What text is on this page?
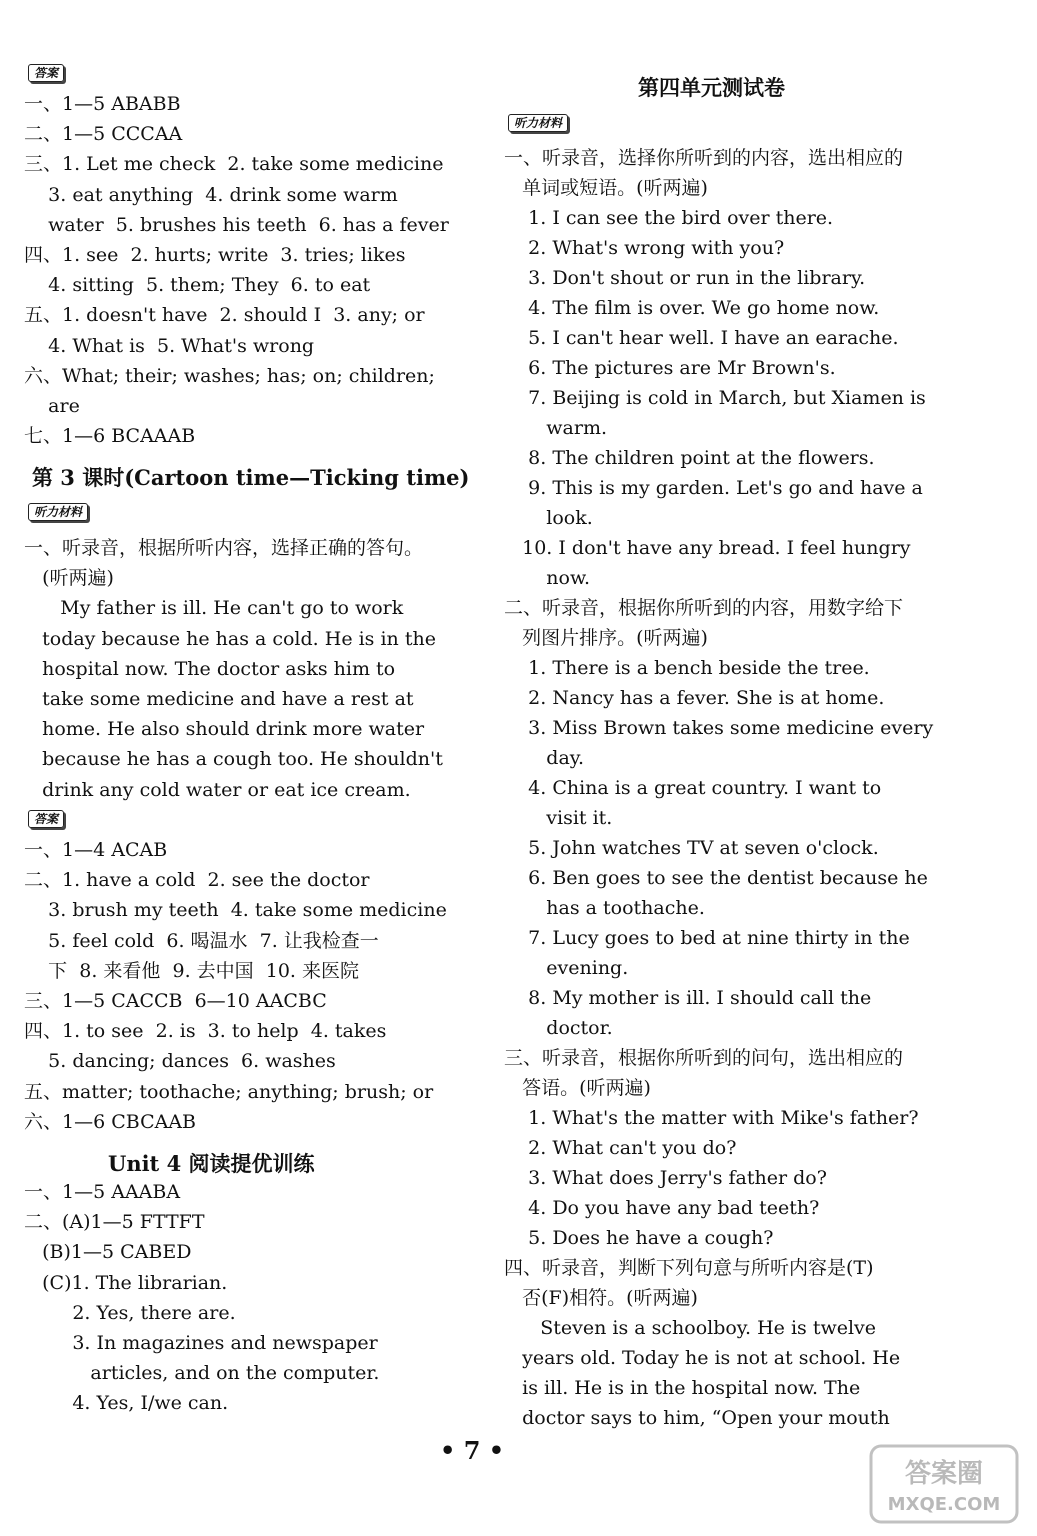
答案
一、1—5 ABABB
二、1—5 CCCAA
三、1. Let me check  2. take some medicine
3. eat anything  4. drink some warm
water  5. brushes his teeth  6. has a fever
四、1. see  2. hurts; write  3. tries; likes
4. sitting  5. them; They  6. to eat
五、1. doesn't have  2. should I  3. any; or
4. What is  5. What's wrong
六、What; their; washes; has; on; children;
are
七、1—6 BCAAAB
第 3 课时(Cartoon time—Ticking time)
听力材料
一、听录音，根据所听内容，选择正确的答句。
(听两遍)
My father is ill. He can't go to work
today because he has a cold. He is in the
hospital now. The doctor asks him to
take some medicine and have a rest at
home. He also should drink more water
because he has a cough too. He shouldn't
drink any cold water or eat ice cream.
答案
一、1—4 ACAB
二、1. have a cold  2. see the doctor
3. brush my teeth  4. take some medicine
5. feel cold  6. 喝温水  7. 让我检查一
下  8. 来看他  9. 去中国  10. 来医院
三、1—5 CACCB  6—10 AACBC
四、1. to see  2. is  3. to help  4. takes
5. dancing; dances  6. washes
五、matter; toothache; anything; brush; or
六、1—6 CBCAAB
Unit 4 阅读提优训练
一、1—5 AAABA
二、(A)1—5 FTTFT
(B)1—5 CABED
(C)1. The librarian.
2. Yes, there are.
3. In magazines and newspaper
articles, and on the computer.
4. Yes, I/we can.
第四单元测试卷
听力材料
一、听录音，选择你所听到的内容，选出相应的
单词或短语。(听两遍)
1. I can see the bird over there.
2. What's wrong with you?
3. Don't shout or run in the library.
4. The film is over. We go home now.
5. I can't hear well. I have an earache.
6. The pictures are Mr Brown's.
7. Beijing is cold in March, but Xiamen is
warm.
8. The children point at the flowers.
9. This is my garden. Let's go and have a
look.
10. I don't have any bread. I feel hungry
now.
二、听录音，根据你所听到的内容，用数字给下
列图片排序。(听两遍)
1. There is a bench beside the tree.
2. Nancy has a fever. She is at home.
3. Miss Brown takes some medicine every
day.
4. China is a great country. I want to
visit it.
5. John watches TV at seven o'clock.
6. Ben goes to see the dentist because he
has a toothache.
7. Lucy goes to bed at nine thirty in the
evening.
8. My mother is ill. I should call the
doctor.
三、听录音，根据你所听到的问句，选出相应的
答语。(听两遍)
1. What's the matter with Mike's father?
2. What can't you do?
3. What does Jerry's father do?
4. Do you have any bad teeth?
5. Does he have a cough?
四、听录音，判断下列句意与所听内容是(T)
否(F)相符。(听两遍)
Steven is a schoolboy. He is twelve
years old. Today he is not at school. He
is ill. He is in the hospital now. The
doctor says to him, “Open your mouth
• 7 •
答案圈
MXQE.COM
